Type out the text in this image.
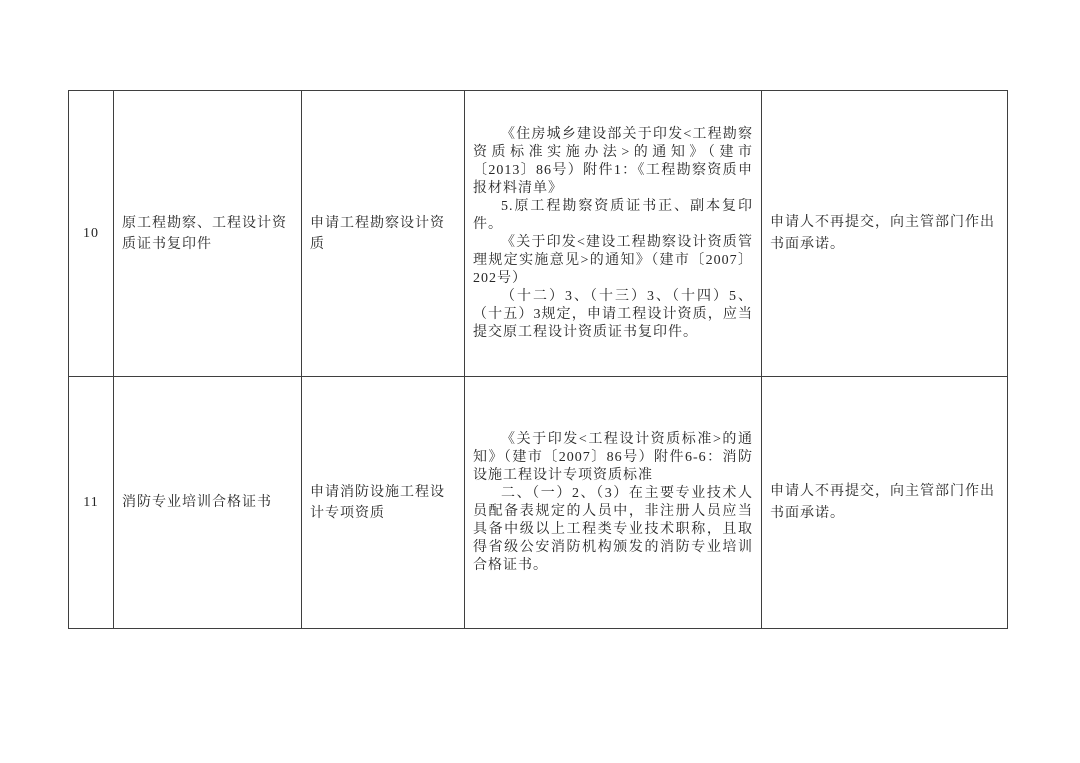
10	原工程勘察、工程设计资质证书复印件	申请工程勘察设计资质	《住房城乡建设部关于印发<工程勘察资质标准实施办法>的通知》（建市〔2013〕86号）附件1：《工程勘察资质申报材料清单》

5.原工程勘察资质证书正、副本复印件。

《关于印发<建设工程勘察设计资质管理规定实施意见>的通知》（建市〔2007〕202号）

（十二）3、（十三）3、（十四）5、（十五）3规定，申请工程设计资质，应当提交原工程设计资质证书复印件。	申请人不再提交，向主管部门作出书面承诺。
11	消防专业培训合格证书	申请消防设施工程设计专项资质	《关于印发<工程设计资质标准>的通知》（建市〔2007〕86号）附件6-6：消防设施工程设计专项资质标准

二、（一）2、（3）在主要专业技术人员配备表规定的人员中，非注册人员应当具备中级以上工程类专业技术职称，且取得省级公安消防机构颁发的消防专业培训合格证书。	申请人不再提交，向主管部门作出书面承诺。
